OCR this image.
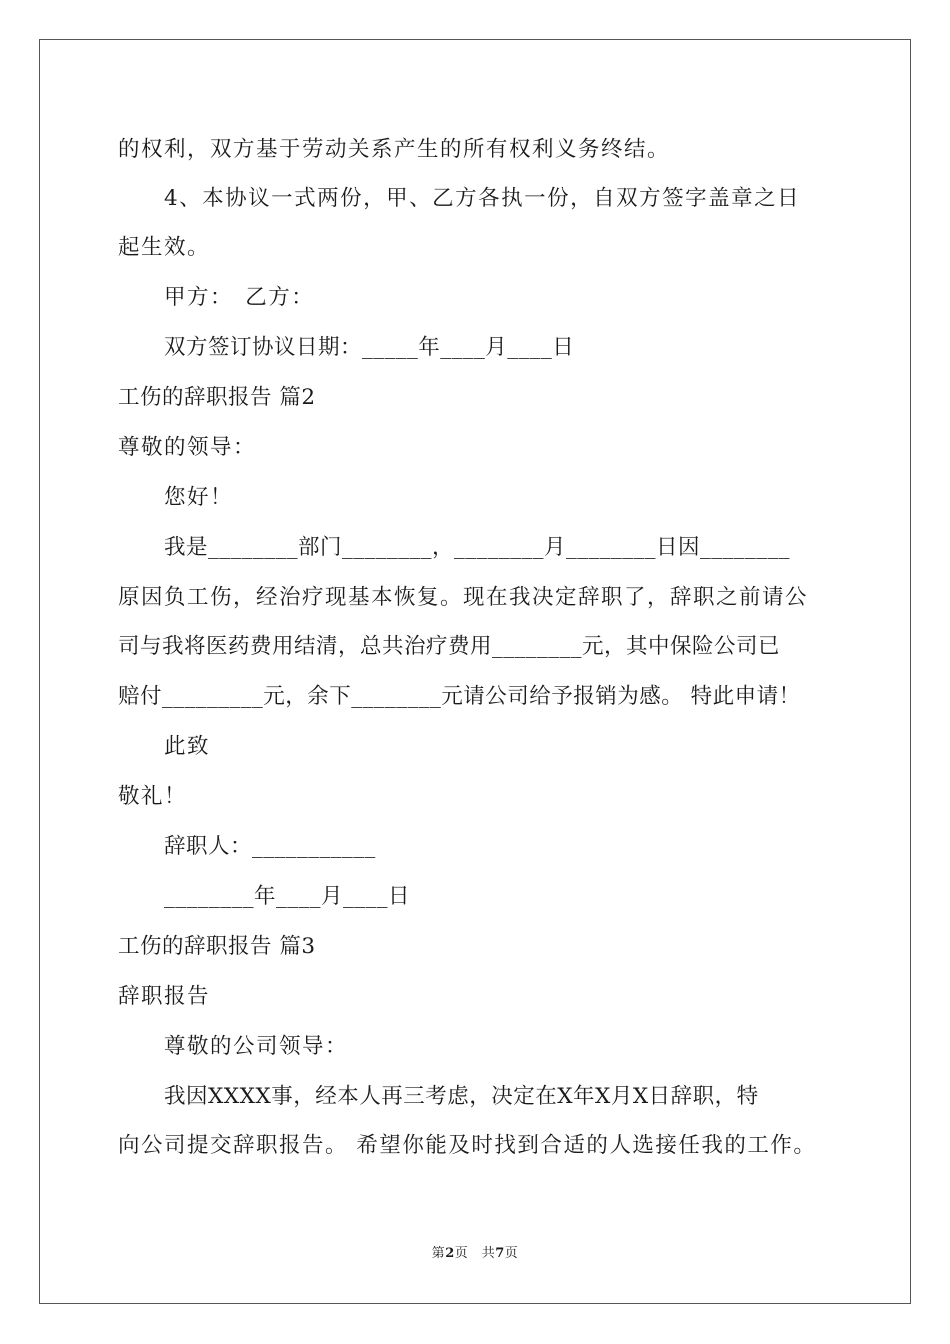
的权利，双方基于劳动关系产生的所有权利义务终结。
4、本协议一式两份，甲、乙方各执一份，自双方签字盖章之日
起生效。
甲方：　乙方：
双方签订协议日期：_____年____月____日
工伤的辞职报告 篇2
尊敬的领导：
您好！
我是________部门________，________月________日因________
原因负工伤，经治疗现基本恢复。现在我决定辞职了，辞职之前请公
司与我将医药费用结清，总共治疗费用________元，其中保险公司已
赔付_________元，余下________元请公司给予报销为感。 特此申请！
此致
敬礼！
辞职人：___________
________年____月____日
工伤的辞职报告 篇3
辞职报告
尊敬的公司领导：
我因XXXX事，经本人再三考虑，决定在X年X月X日辞职，特
向公司提交辞职报告。 希望你能及时找到合适的人选接任我的工作。
第2页　共7页
